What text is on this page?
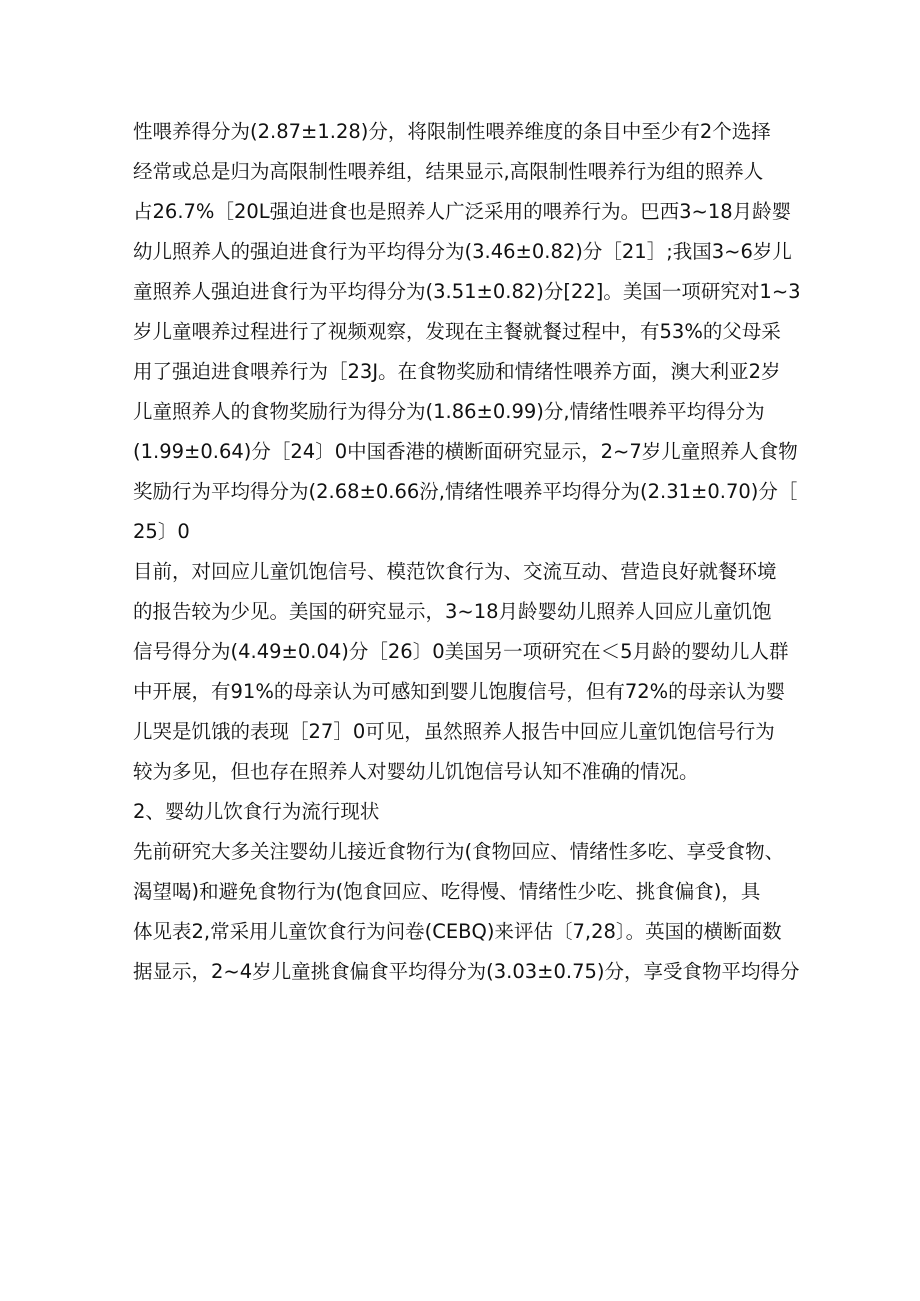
性喂养得分为(2.87±1.28)分，将限制性喂养维度的条目中至少有2个选择
经常或总是归为高限制性喂养组，结果显示,高限制性喂养行为组的照养人
占26.7%［20L强迫进食也是照养人广泛采用的喂养行为。巴西3~18月龄婴
幼儿照养人的强迫进食行为平均得分为(3.46±0.82)分［21］;我国3~6岁儿
童照养人强迫进食行为平均得分为(3.51±0.82)分[22]。美国一项研究对1~3
岁儿童喂养过程进行了视频观察，发现在主餐就餐过程中，有53%的父母采
用了强迫进食喂养行为［23J。在食物奖励和情绪性喂养方面，澳大利亚2岁
儿童照养人的食物奖励行为得分为(1.86±0.99)分,情绪性喂养平均得分为
(1.99±0.64)分［24〕0中国香港的横断面研究显示，2~7岁儿童照养人食物
奖励行为平均得分为(2.68±0.66汾,情绪性喂养平均得分为(2.31±0.70)分［
25〕0
目前，对回应儿童饥饱信号、模范饮食行为、交流互动、营造良好就餐环境
的报告较为少见。美国的研究显示，3~18月龄婴幼儿照养人回应儿童饥饱
信号得分为(4.49±0.04)分［26〕0美国另一项研究在＜5月龄的婴幼儿人群
中开展，有91%的母亲认为可感知到婴儿饱腹信号，但有72%的母亲认为婴
儿哭是饥饿的表现［27］0可见，虽然照养人报告中回应儿童饥饱信号行为
较为多见，但也存在照养人对婴幼儿饥饱信号认知不准确的情况。
2、婴幼儿饮食行为流行现状
先前研究大多关注婴幼儿接近食物行为(食物回应、情绪性多吃、享受食物、
渴望喝)和避免食物行为(饱食回应、吃得慢、情绪性少吃、挑食偏食)，具
体见表2,常采用儿童饮食行为问卷(CEBQ)来评估〔7,28〕。英国的横断面数
据显示，2~4岁儿童挑食偏食平均得分为(3.03±0.75)分，享受食物平均得分
